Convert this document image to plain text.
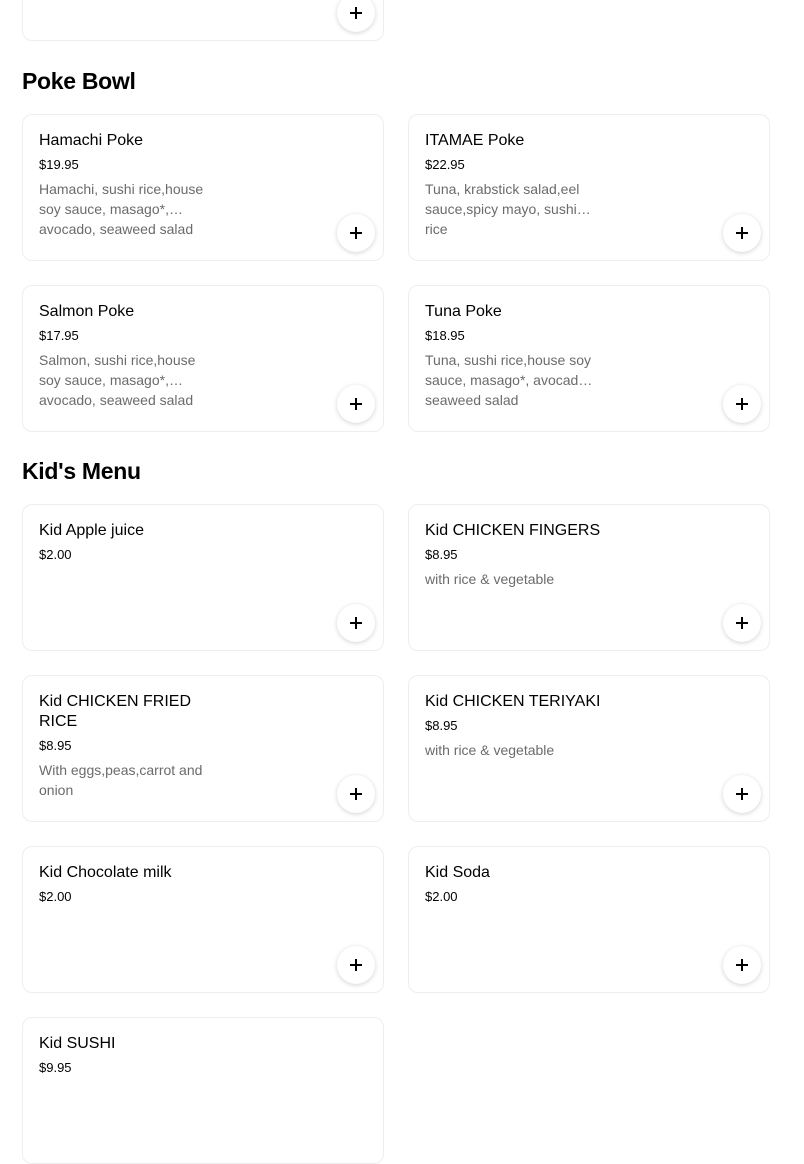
Poke Bowl
Hamachi Poke
$19.95
Hamachi, sushi rice,house soy sauce, masago*, avocado, seaweed salad
ITAMAE Poke
$22.95
Tuna, krabstick salad,eel sauce,spicy mayo, sushi rice
Salmon Poke
$17.95
Salmon, sushi rice,house soy sauce, masago*, avocado, seaweed salad
Tuna Poke
$18.95
Tuna, sushi rice,house soy sauce, masago*, avocado, seaweed salad
Kid's Menu
Kid Apple juice
$2.00
Kid CHICKEN FINGERS
$8.95
with rice & vegetable
Kid CHICKEN FRIED RICE
$8.95
With eggs,peas,carrot and onion
Kid CHICKEN TERIYAKI
$8.95
with rice & vegetable
Kid Chocolate milk
$2.00
Kid Soda
$2.00
Kid SUSHI
$9.95
